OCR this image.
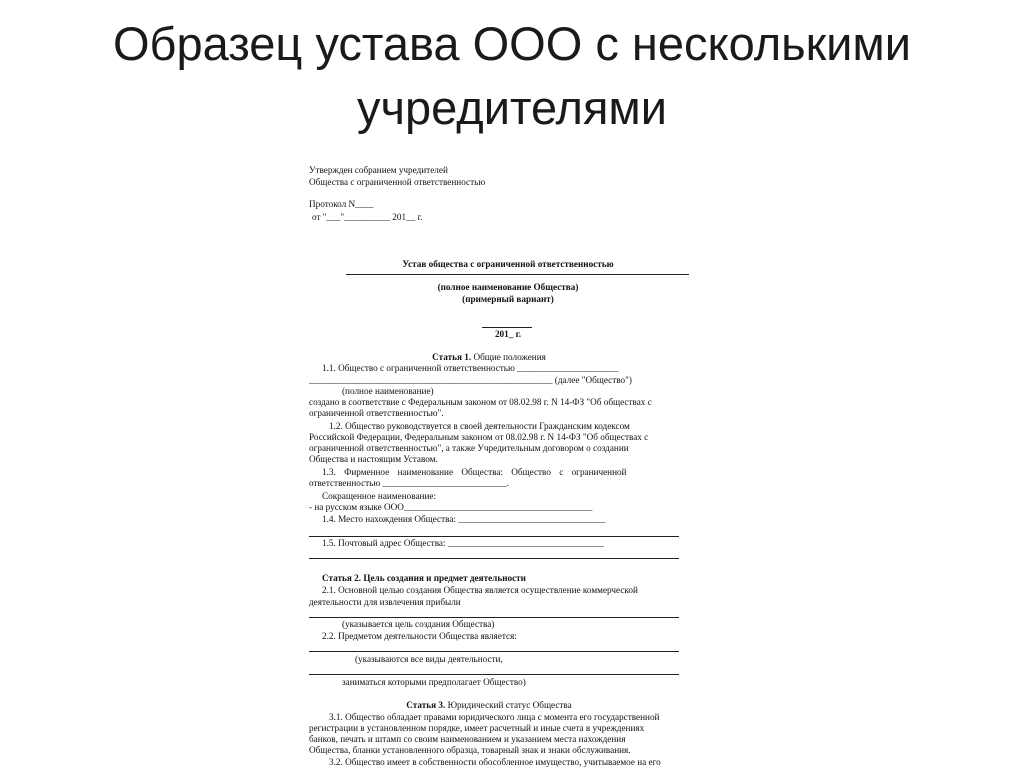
Образец устава ООО с несколькими
учредителями
Утвержден собранием учредителей
Общества с ограниченной ответственностью
Протокол N____
от "___"__________ 201__ г.
Устав общества с ограниченной ответственностью
(полное наименование Общества)
(примерный вариант)
201_ г.
Статья 1. Общие положения
1.1. Общество с ограниченной ответственностью ______________________
_____________________________________________________ (далее "Общество")
(полное наименование)
создано в соответствие с Федеральным законом от 08.02.98 г. N 14-ФЗ "Об обществах с
ограниченной ответственностью".
1.2. Общество руководствуется в своей деятельности Гражданским кодексом
Российской Федерации, Федеральным законом от 08.02.98 г. N 14-ФЗ "Об обществах с
ограниченной ответственностью", а также Учредительным договором о создании
Общества и настоящим Уставом.
1.3. Фирменное наименование Общества: Общество с ограниченной
ответственностью ___________________________.
Сокращенное наименование:
- на русском языке ООО_________________________________________
1.4. Место нахождения Общества: ________________________________
1.5. Почтовый адрес Общества: __________________________________
Статья 2. Цель создания и предмет деятельности
2.1. Основной целью создания Общества является осуществление коммерческой
деятельности для извлечения прибыли
(указывается цель создания Общества)
2.2. Предметом деятельности Общества является:
(указываются все виды деятельности,
заниматься которыми предполагает Общество)
Статья 3. Юридический статус Общества
3.1. Общество обладает правами юридического лица с момента его государственной
регистрации в установленном порядке, имеет расчетный и иные счета в учреждениях
банков, печать и штамп со своим наименованием и указанием места нахождения
Общества, бланки установленного образца, товарный знак и знаки обслуживания.
3.2. Общество имеет в собственности обособленное имущество, учитываемое на его
